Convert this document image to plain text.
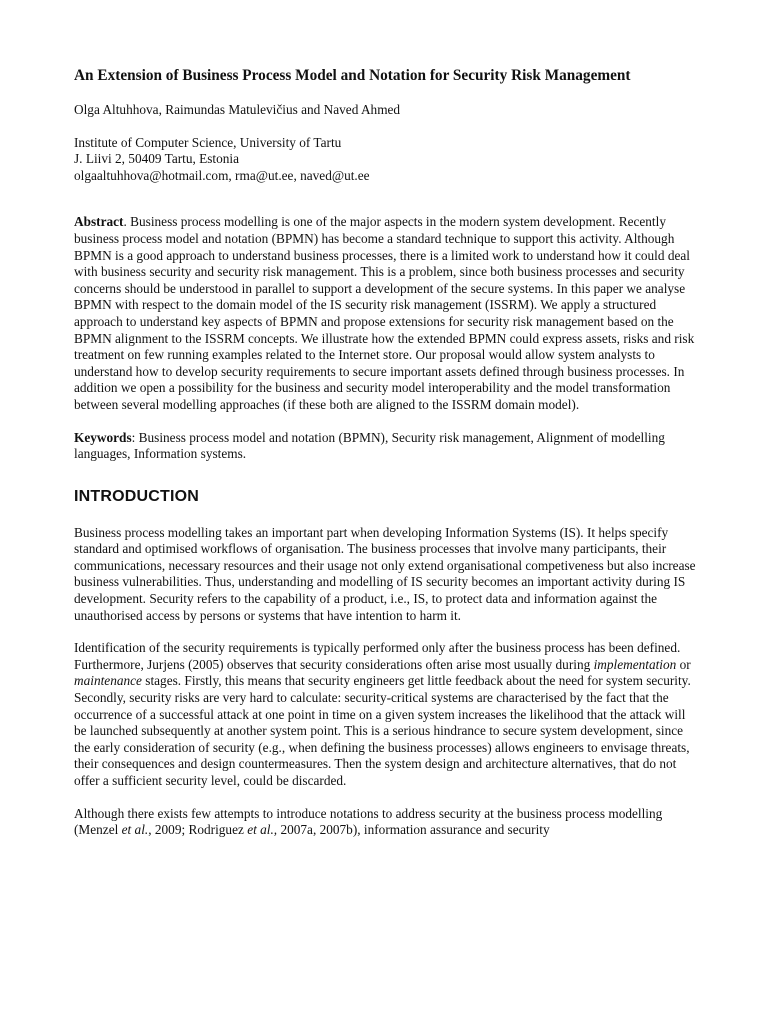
An Extension of Business Process Model and Notation for Security Risk Management
Olga Altuhhova, Raimundas Matulevičius and Naved Ahmed
Institute of Computer Science, University of Tartu
J. Liivi 2, 50409 Tartu, Estonia
olgaaltuhhova@hotmail.com, rma@ut.ee, naved@ut.ee
Abstract. Business process modelling is one of the major aspects in the modern system development. Recently business process model and notation (BPMN) has become a standard technique to support this activity. Although BPMN is a good approach to understand business processes, there is a limited work to understand how it could deal with business security and security risk management. This is a problem, since both business processes and security concerns should be understood in parallel to support a development of the secure systems. In this paper we analyse BPMN with respect to the domain model of the IS security risk management (ISSRM). We apply a structured approach to understand key aspects of BPMN and propose extensions for security risk management based on the BPMN alignment to the ISSRM concepts. We illustrate how the extended BPMN could express assets, risks and risk treatment on few running examples related to the Internet store. Our proposal would allow system analysts to understand how to develop security requirements to secure important assets defined through business processes. In addition we open a possibility for the business and security model interoperability and the model transformation between several modelling approaches (if these both are aligned to the ISSRM domain model).
Keywords: Business process model and notation (BPMN), Security risk management, Alignment of modelling languages, Information systems.
INTRODUCTION
Business process modelling takes an important part when developing Information Systems (IS). It helps specify standard and optimised workflows of organisation. The business processes that involve many participants, their communications, necessary resources and their usage not only extend organisational competiveness but also increase business vulnerabilities. Thus, understanding and modelling of IS security becomes an important activity during IS development. Security refers to the capability of a product, i.e., IS, to protect data and information against the unauthorised access by persons or systems that have intention to harm it.
Identification of the security requirements is typically performed only after the business process has been defined. Furthermore, Jurjens (2005) observes that security considerations often arise most usually during implementation or maintenance stages. Firstly, this means that security engineers get little feedback about the need for system security. Secondly, security risks are very hard to calculate: security-critical systems are characterised by the fact that the occurrence of a successful attack at one point in time on a given system increases the likelihood that the attack will be launched subsequently at another system point. This is a serious hindrance to secure system development, since the early consideration of security (e.g., when defining the business processes) allows engineers to envisage threats, their consequences and design countermeasures. Then the system design and architecture alternatives, that do not offer a sufficient security level, could be discarded.
Although there exists few attempts to introduce notations to address security at the business process modelling (Menzel et al., 2009; Rodriguez et al., 2007a, 2007b), information assurance and security
